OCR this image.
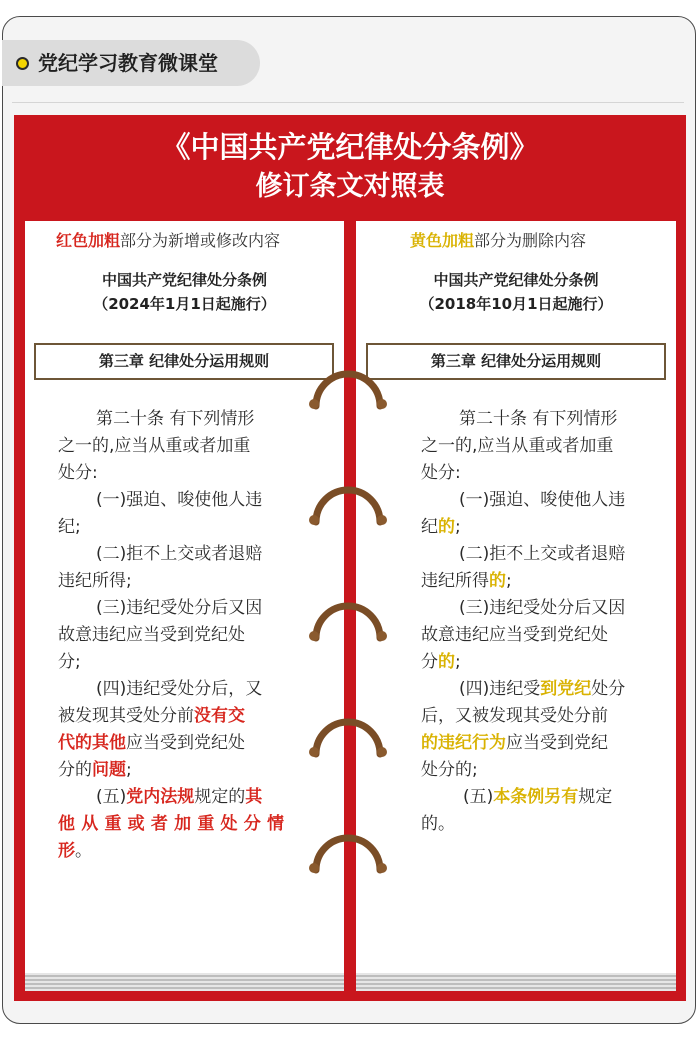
党纪学习教育微课堂
《中国共产党纪律处分条例》
修订条文对照表
红色加粗部分为新增或修改内容
中国共产党纪律处分条例
（2024年1月1日起施行）
第三章 纪律处分运用规则

第二十条 有下列情形

之一的,应当从重或者加重

处分:

(一)强迫、唆使他人违

纪;

(二)拒不上交或者退赔

违纪所得;

(三)违纪受处分后又因

故意违纪应当受到党纪处

分;

(四)违纪受处分后，又

被发现其受处分前没有交

代的其他应当受到党纪处

分的问题;

(五)党内法规规定的其

他从重或者加重处分情

形。

黄色加粗部分为删除内容
中国共产党纪律处分条例
（2018年10月1日起施行）
第三章 纪律处分运用规则

第二十条 有下列情形

之一的,应当从重或者加重

处分:

(一)强迫、唆使他人违

纪的;

(二)拒不上交或者退赔

违纪所得的;

(三)违纪受处分后又因

故意违纪应当受到党纪处

分的;

(四)违纪受到党纪处分

后，又被发现其受处分前

的违纪行为应当受到党纪

处分的;

(五)本条例另有规定

的。
